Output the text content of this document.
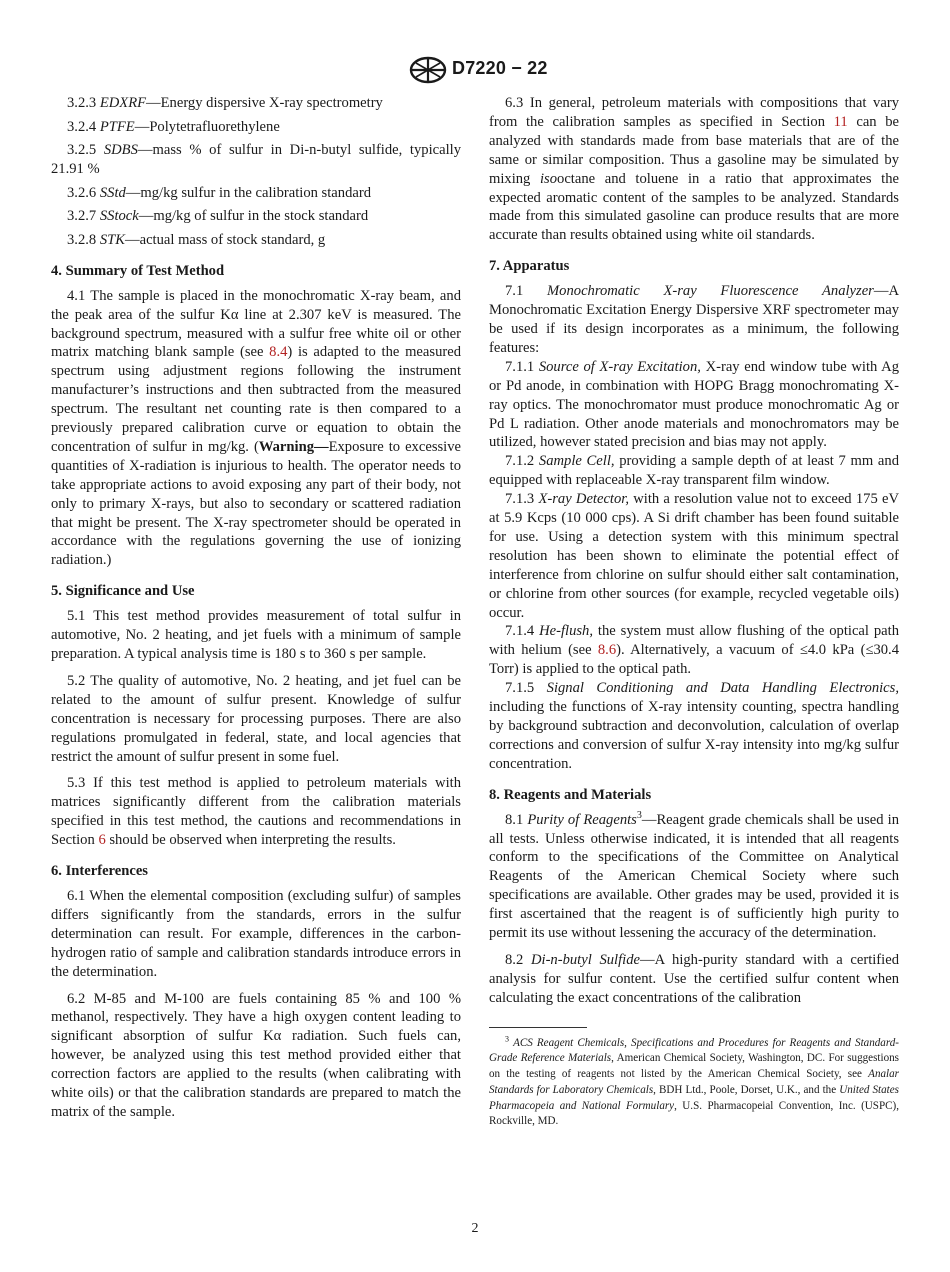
D7220 − 22

3.2.3 EDXRF—Energy dispersive X-ray spectrometry

3.2.4 PTFE—Polytetrafluorethylene

3.2.5 SDBS—mass % of sulfur in Di-n-butyl sulfide, typically 21.91 %

3.2.6 SStd—mg/kg sulfur in the calibration standard

3.2.7 SStock—mg/kg of sulfur in the stock standard

3.2.8 STK—actual mass of stock standard, g

4. Summary of Test Method

4.1 The sample is placed in the monochromatic X-ray beam, and the peak area of the sulfur Kα line at 2.307 keV is measured. The background spectrum, measured with a sulfur free white oil or other matrix matching blank sample (see 8.4) is adapted to the measured spectrum using adjustment regions following the instrument manufacturer’s instructions and then subtracted from the measured spectrum. The resultant net counting rate is then compared to a previously prepared calibration curve or equation to obtain the concentration of sulfur in mg/kg. (Warning—Exposure to excessive quantities of X-radiation is injurious to health. The operator needs to take appropriate actions to avoid exposing any part of their body, not only to primary X-rays, but also to secondary or scattered radiation that might be present. The X-ray spectrometer should be operated in accordance with the regulations governing the use of ionizing radiation.)

5. Significance and Use

5.1 This test method provides measurement of total sulfur in automotive, No. 2 heating, and jet fuels with a minimum of sample preparation. A typical analysis time is 180 s to 360 s per sample.

5.2 The quality of automotive, No. 2 heating, and jet fuel can be related to the amount of sulfur present. Knowledge of sulfur concentration is necessary for processing purposes. There are also regulations promulgated in federal, state, and local agencies that restrict the amount of sulfur present in some fuel.

5.3 If this test method is applied to petroleum materials with matrices significantly different from the calibration materials specified in this test method, the cautions and recommendations in Section 6 should be observed when interpreting the results.

6. Interferences

6.1 When the elemental composition (excluding sulfur) of samples differs significantly from the standards, errors in the sulfur determination can result. For example, differences in the carbon-hydrogen ratio of sample and calibration standards introduce errors in the determination.

6.2 M-85 and M-100 are fuels containing 85 % and 100 % methanol, respectively. They have a high oxygen content leading to significant absorption of sulfur Kα radiation. Such fuels can, however, be analyzed using this test method provided either that correction factors are applied to the results (when calibrating with white oils) or that the calibration standards are prepared to match the matrix of the sample.

6.3 In general, petroleum materials with compositions that vary from the calibration samples as specified in Section 11 can be analyzed with standards made from base materials that are of the same or similar composition. Thus a gasoline may be simulated by mixing isooctane and toluene in a ratio that approximates the expected aromatic content of the samples to be analyzed. Standards made from this simulated gasoline can produce results that are more accurate than results obtained using white oil standards.

7. Apparatus

7.1 Monochromatic X-ray Fluorescence Analyzer—A Monochromatic Excitation Energy Dispersive XRF spectrometer may be used if its design incorporates as a minimum, the following features:

7.1.1 Source of X-ray Excitation, X-ray end window tube with Ag or Pd anode, in combination with HOPG Bragg monochromating X-ray optics. The monochromator must produce monochromatic Ag or Pd L radiation. Other anode materials and monochromators may be utilized, however stated precision and bias may not apply.

7.1.2 Sample Cell, providing a sample depth of at least 7 mm and equipped with replaceable X-ray transparent film window.

7.1.3 X-ray Detector, with a resolution value not to exceed 175 eV at 5.9 Kcps (10 000 cps). A Si drift chamber has been found suitable for use. Using a detection system with this minimum spectral resolution has been shown to eliminate the potential effect of interference from chlorine on sulfur should either salt contamination, or chlorine from other sources (for example, recycled vegetable oils) occur.

7.1.4 He-flush, the system must allow flushing of the optical path with helium (see 8.6). Alternatively, a vacuum of ≤4.0 kPa (≤30.4 Torr) is applied to the optical path.

7.1.5 Signal Conditioning and Data Handling Electronics, including the functions of X-ray intensity counting, spectra handling by background subtraction and deconvolution, calculation of overlap corrections and conversion of sulfur X-ray intensity into mg/kg sulfur concentration.

8. Reagents and Materials

8.1 Purity of Reagents$^3$—Reagent grade chemicals shall be used in all tests. Unless otherwise indicated, it is intended that all reagents conform to the specifications of the Committee on Analytical Reagents of the American Chemical Society where such specifications are available. Other grades may be used, provided it is first ascertained that the reagent is of sufficiently high purity to permit its use without lessening the accuracy of the determination.

8.2 Di-n-butyl Sulfide—A high-purity standard with a certified analysis for sulfur content. Use the certified sulfur content when calculating the exact concentrations of the calibration

$^3$ ACS Reagent Chemicals, Specifications and Procedures for Reagents and Standard-Grade Reference Materials, American Chemical Society, Washington, DC. For suggestions on the testing of reagents not listed by the American Chemical Society, see Analar Standards for Laboratory Chemicals, BDH Ltd., Poole, Dorset, U.K., and the United States Pharmacopeia and National Formulary, U.S. Pharmacopeial Convention, Inc. (USPC), Rockville, MD.

2
